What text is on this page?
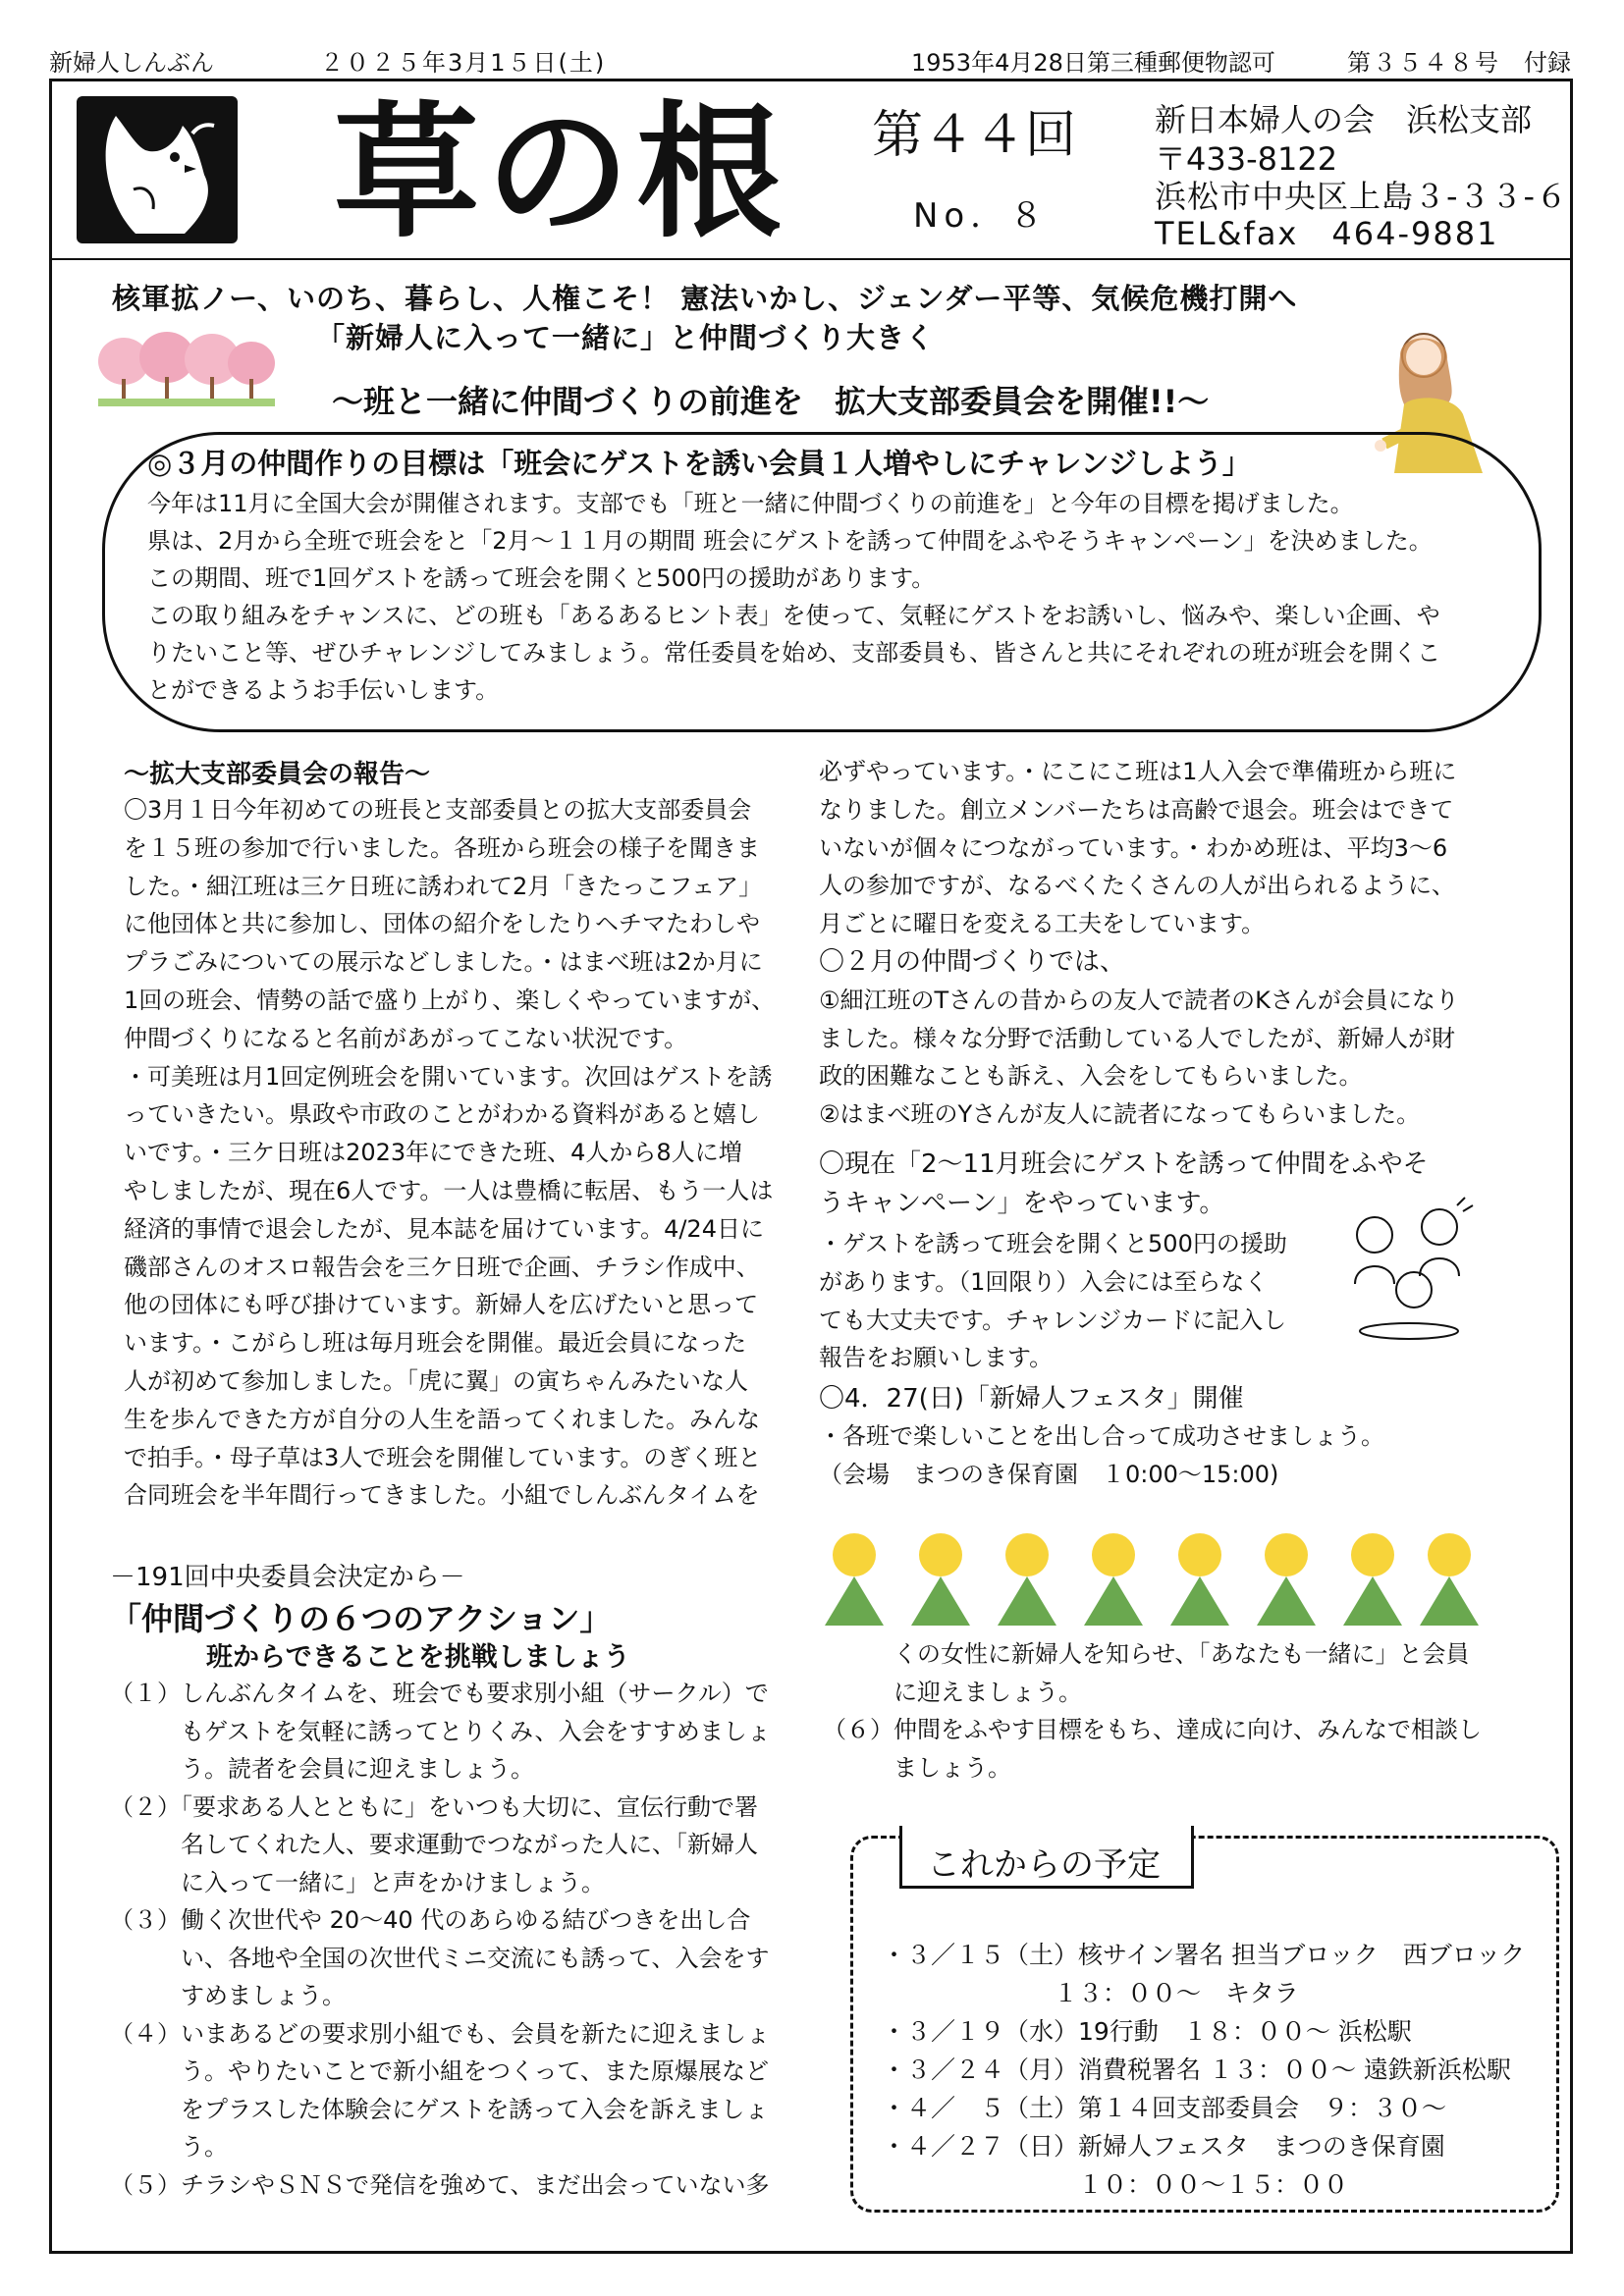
新婦人しんぶん	２０２５年3月1５日(土)	1953年4月28日第三種郵便物認可	第３５４８号 付録
草の根 第４４回
No．８
新日本婦人の会　浜松支部
〒433-8122
浜松市中央区上島３-３３-６
TEL&fax　464-9881
核軍拡ノー、いのち、暮らし、人権こそ！ 憲法いかし、ジェンダー平等、気候危機打開へ
「新婦人に入って一緒に」と仲間づくり大きく
～班と一緒に仲間づくりの前進を　拡大支部委員会を開催!!～
◎３月の仲間作りの目標は「班会にゲストを誘い会員１人増やしにチャレンジしよう」
今年は11月に全国大会が開催されます。支部でも「班と一緒に仲間づくりの前進を」と今年の目標を掲げました。
県は、2月から全班で班会をと「2月～１１月の期間 班会にゲストを誘って仲間をふやそうキャンペーン」を決めました。
この期間、班で1回ゲストを誘って班会を開くと500円の援助があります。
この取り組みをチャンスに、どの班も「あるあるヒント表」を使って、気軽にゲストをお誘いし、悩みや、楽しい企画、や
りたいこと等、ぜひチャレンジしてみましょう。常任委員を始め、支部委員も、皆さんと共にそれぞれの班が班会を開くこ
とができるようお手伝いします。
～拡大支部委員会の報告～
〇3月１日今年初めての班長と支部委員との拡大支部委員会
を１５班の参加で行いました。各班から班会の様子を聞きま
した。・細江班は三ケ日班に誘われて2月「きたっこフェア」
に他団体と共に参加し、団体の紹介をしたりヘチマたわしや
プラごみについての展示などしました。・はまべ班は2か月に
1回の班会、情勢の話で盛り上がり、楽しくやっていますが、
仲間づくりになると名前があがってこない状況です。
・可美班は月1回定例班会を開いています。次回はゲストを誘
っていきたい。県政や市政のことがわかる資料があると嬉し
いです。・三ケ日班は2023年にできた班、4人から8人に増
やしましたが、現在6人です。一人は豊橋に転居、もう一人は
経済的事情で退会したが、見本誌を届けています。4/24日に
磯部さんのオスロ報告会を三ケ日班で企画、チラシ作成中、
他の団体にも呼び掛けています。新婦人を広げたいと思って
います。・こがらし班は毎月班会を開催。最近会員になった
人が初めて参加しました。「虎に翼」の寅ちゃんみたいな人
生を歩んできた方が自分の人生を語ってくれました。みんな
で拍手。・母子草は3人で班会を開催しています。のぎく班と
合同班会を半年間行ってきました。小組でしんぶんタイムを
必ずやっています。・にこにこ班は1人入会で準備班から班に
なりました。創立メンバーたちは高齢で退会。班会はできて
いないが個々につながっています。・わかめ班は、平均3～6
人の参加ですが、なるべくたくさんの人が出られるように、
月ごとに曜日を変える工夫をしています。
〇２月の仲間づくりでは、
①細江班のTさんの昔からの友人で読者のKさんが会員になり
ました。様々な分野で活動している人でしたが、新婦人が財
政的困難なことも訴え、入会をしてもらいました。
②はまべ班のYさんが友人に読者になってもらいました。
〇現在「2～11月班会にゲストを誘って仲間をふやそ
うキャンペーン」をやっています。
・ゲストを誘って班会を開くと500円の援助
があります。（1回限り）入会には至らなく
ても大丈夫です。チャレンジカードに記入し
報告をお願いします。
〇4．27(日)「新婦人フェスタ」開催
・各班で楽しいことを出し合って成功させましょう。
（会場　まつのき保育園　１0:00～15:00)
－191回中央委員会決定から－
「仲間づくりの６つのアクション」
班からできることを挑戦しましょう
（１）しんぶんタイムを、班会でも要求別小組（サークル）で
　　　もゲストを気軽に誘ってとりくみ、入会をすすめましょ
　　　う。読者を会員に迎えましょう。
（２）「要求ある人とともに」をいつも大切に、宣伝行動で署
　　　名してくれた人、要求運動でつながった人に、「新婦人
　　　に入って一緒に」と声をかけましょう。
（３）働く次世代や 20～40 代のあらゆる結びつきを出し合
　　　い、各地や全国の次世代ミニ交流にも誘って、入会をす
　　　すめましょう。
（４）いまあるどの要求別小組でも、会員を新たに迎えましょ
　　　う。やりたいことで新小組をつくって、また原爆展など
　　　をプラスした体験会にゲストを誘って入会を訴えましょ
　　　う。
（５）チラシやＳＮＳで発信を強めて、まだ出会っていない多
　　　くの女性に新婦人を知らせ、「あなたも一緒に」と会員
　　　に迎えましょう。
（６）仲間をふやす目標をもち、達成に向け、みんなで相談し
　　　ましょう。
これからの予定
・３／１５（土）核サイン署名 担当ブロック　西ブロック
　　　　　　　１３：００～　キタラ
・３／１９（水）19行動　１８：００～ 浜松駅
・３／２４（月）消費税署名 １３：００～ 遠鉄新浜松駅
・４／　５（土）第１４回支部委員会　９：３０～
・４／２７（日）新婦人フェスタ　まつのき保育園
　　　　　　　　１０：００～１５：００
